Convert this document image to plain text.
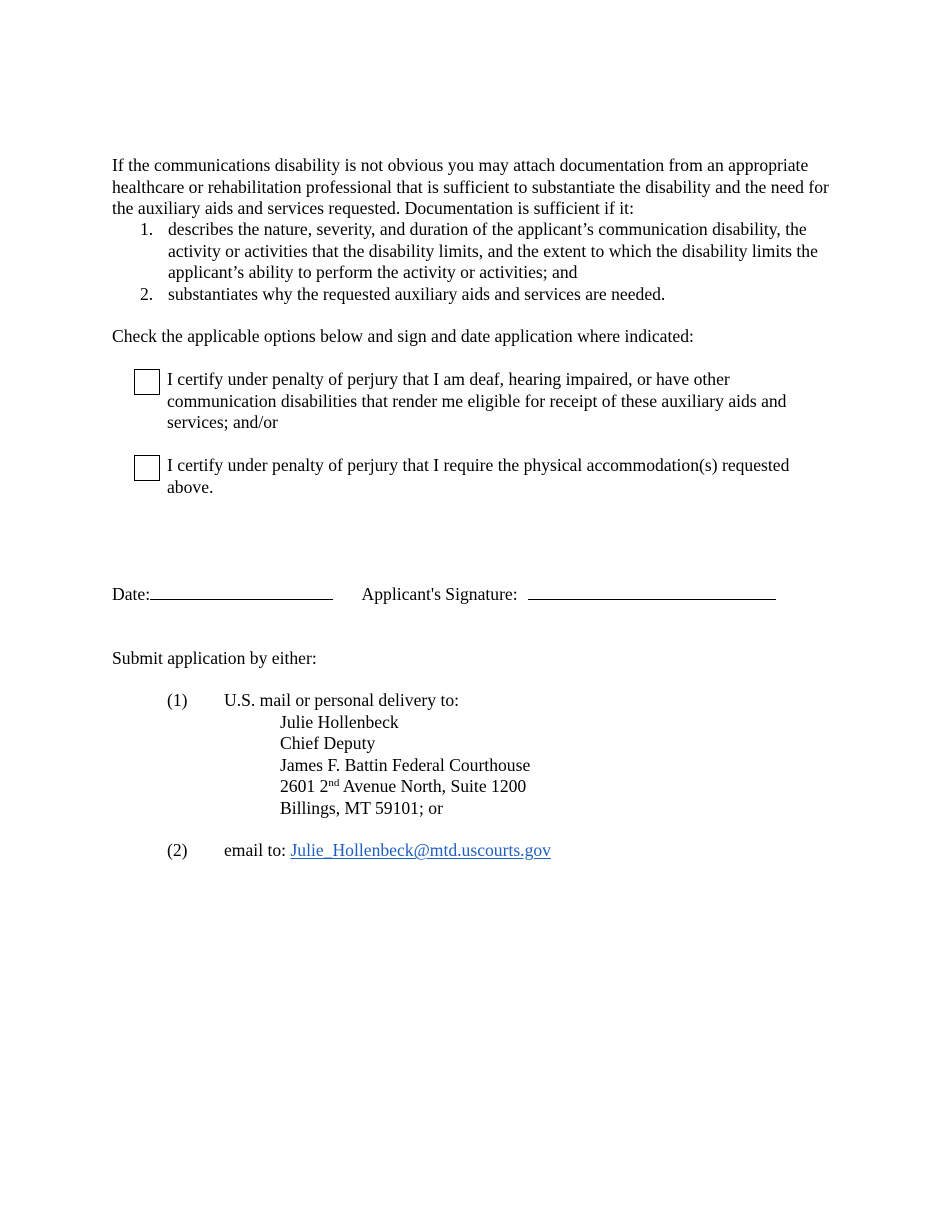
If the communications disability is not obvious you may attach documentation from an appropriate healthcare or rehabilitation professional that is sufficient to substantiate the disability and the need for the auxiliary aids and services requested. Documentation is sufficient if it:

1. describes the nature, severity, and duration of the applicant’s communication disability, the activity or activities that the disability limits, and the extent to which the disability limits the applicant’s ability to perform the activity or activities; and
2. substantiates why the requested auxiliary aids and services are needed.

Check the applicable options below and sign and date application where indicated:

I certify under penalty of perjury that I am deaf, hearing impaired, or have other communication disabilities that render me eligible for receipt of these auxiliary aids and services; and/or

I certify under penalty of perjury that I require the physical accommodation(s) requested above.

Date:	Applicant's Signature:

Submit application by either:

(1) U.S. mail or personal delivery to:
Julie Hollenbeck
Chief Deputy
James F. Battin Federal Courthouse
2601 2nd Avenue North, Suite 1200
Billings, MT 59101; or
(2) email to: Julie_Hollenbeck@mtd.uscourts.gov
